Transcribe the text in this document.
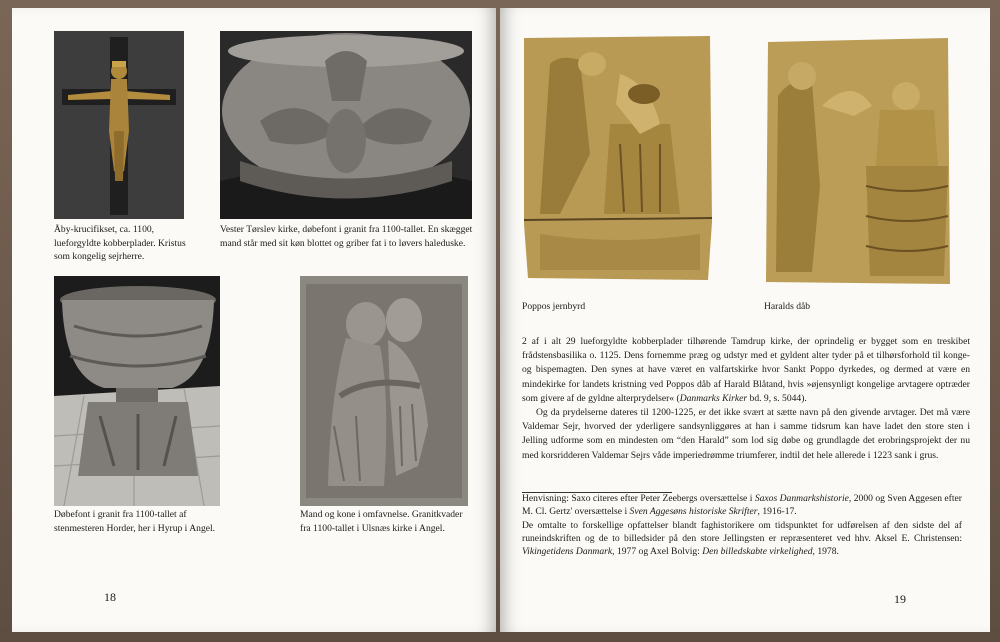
Åby-krucifikset, ca. 1100, lueforgyldte kobberplader. Kristus som kongelig sejrherre.
Vester Tørslev kirke, døbefont i granit fra 1100-tallet. En skægget mand står med sit køn blottet og griber fat i to løvers haleduske.
Døbefont i granit fra 1100-tallet af stenmesteren Horder, her i Hyrup i Angel.
Mand og kone i omfavnelse. Granitkvader fra 1100-tallet i Ulsnæs kirke i Angel.
18
Poppos jernbyrd	Haralds dåb

2 af i alt 29 lueforgyldte kobberplader tilhørende Tamdrup kirke, der oprindelig er bygget som en treskibet frådstensbasilika o. 1125. Dens fornemme præg og udstyr med et gyldent alter tyder på et tilhørsforhold til konge- og bispemagten. Den synes at have været en valfartskirke hvor Sankt Poppo dyrkedes, og dermed at være en mindekirke for landets kristning ved Poppos dåb af Harald Blåtand, hvis »øjensynligt kongelige arvtagere optræder som givere af de gyldne alterprydelser« (Danmarks Kirker bd. 9, s. 5044).

Og da prydelserne dateres til 1200-1225, er det ikke svært at sætte navn på den givende arvtager. Det må være Valdemar Sejr, hvorved der yderligere sandsynliggøres at han i samme tidsrum kan have ladet den store sten i Jelling udforme som en mindesten om “den Harald” som lod sig døbe og grundlagde det erobringsprojekt der nu med korsridderen Valdemar Sejrs våde imperiedrømme triumferer, indtil det hele allerede i 1223 sank i grus.

Henvisning: Saxo citeres efter Peter Zeebergs oversættelse i Saxos Danmarkshistorie, 2000 og Sven Aggesen efter M. Cl. Gertz' oversættelse i Sven Aggesøns historiske Skrifter, 1916-17.

De omtalte to forskellige opfattelser blandt faghistorikere om tidspunktet for udførelsen af den sidste del af runeindskriften og de to billedsider på den store Jellingsten er repræsenteret ved hhv. Aksel E. Christensen: Vikingetidens Danmark, 1977 og Axel Bolvig: Den billedskabte virkelighed, 1978.

19
